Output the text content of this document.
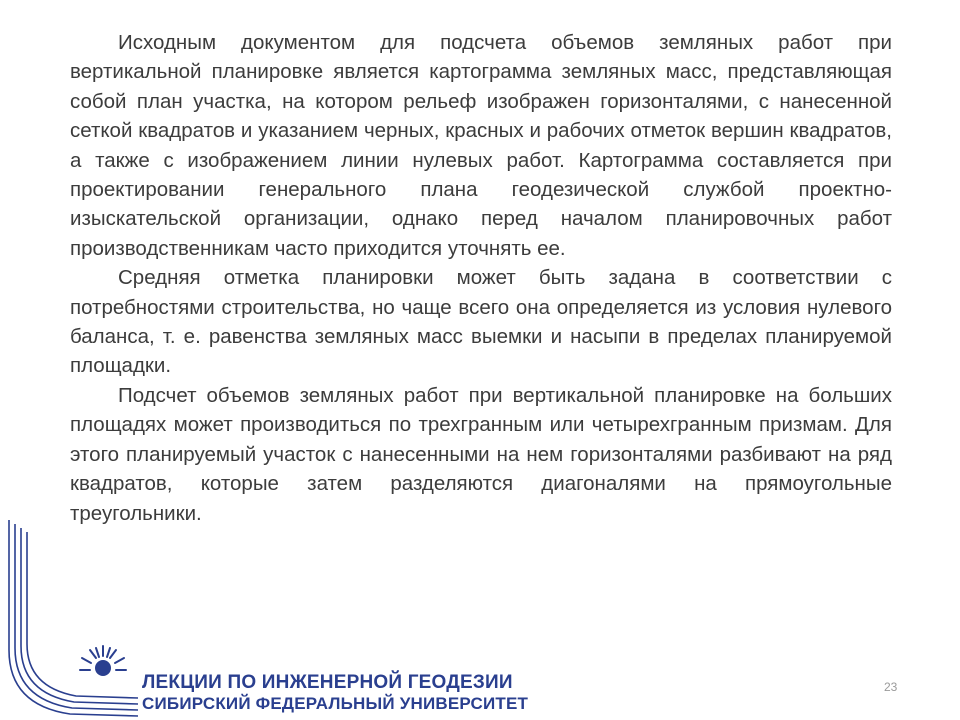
Исходным документом для подсчета объемов земляных работ при вертикальной планировке является картограмма земляных масс, представляющая собой план участка, на котором рельеф изображен горизонталями, с нанесенной сеткой квадратов и указанием черных, красных и рабочих отметок вершин квадратов, а также с изображением линии нулевых работ. Картограмма составляется при проектировании генерального плана геодезической службой проектно-изыскательской организации, однако перед началом планировочных работ производственникам часто приходится уточнять ее.

Средняя отметка планировки может быть задана в соответствии с потребностями строительства, но чаще всего она определяется из условия нулевого баланса, т. е. равенства земляных масс выемки и насыпи в пределах планируемой площадки.

Подсчет объемов земляных работ при вертикальной планировке на больших площадях может производиться по трехгранным или четырехгранным призмам. Для этого планируемый участок с нанесенными на нем горизонталями разбивают на ряд квадратов, которые затем разделяются диагоналями на прямоугольные треугольники.

ЛЕКЦИИ ПО ИНЖЕНЕРНОЙ ГЕОДЕЗИИ
СИБИРСКИЙ ФЕДЕРАЛЬНЫЙ УНИВЕРСИТЕТ
23
